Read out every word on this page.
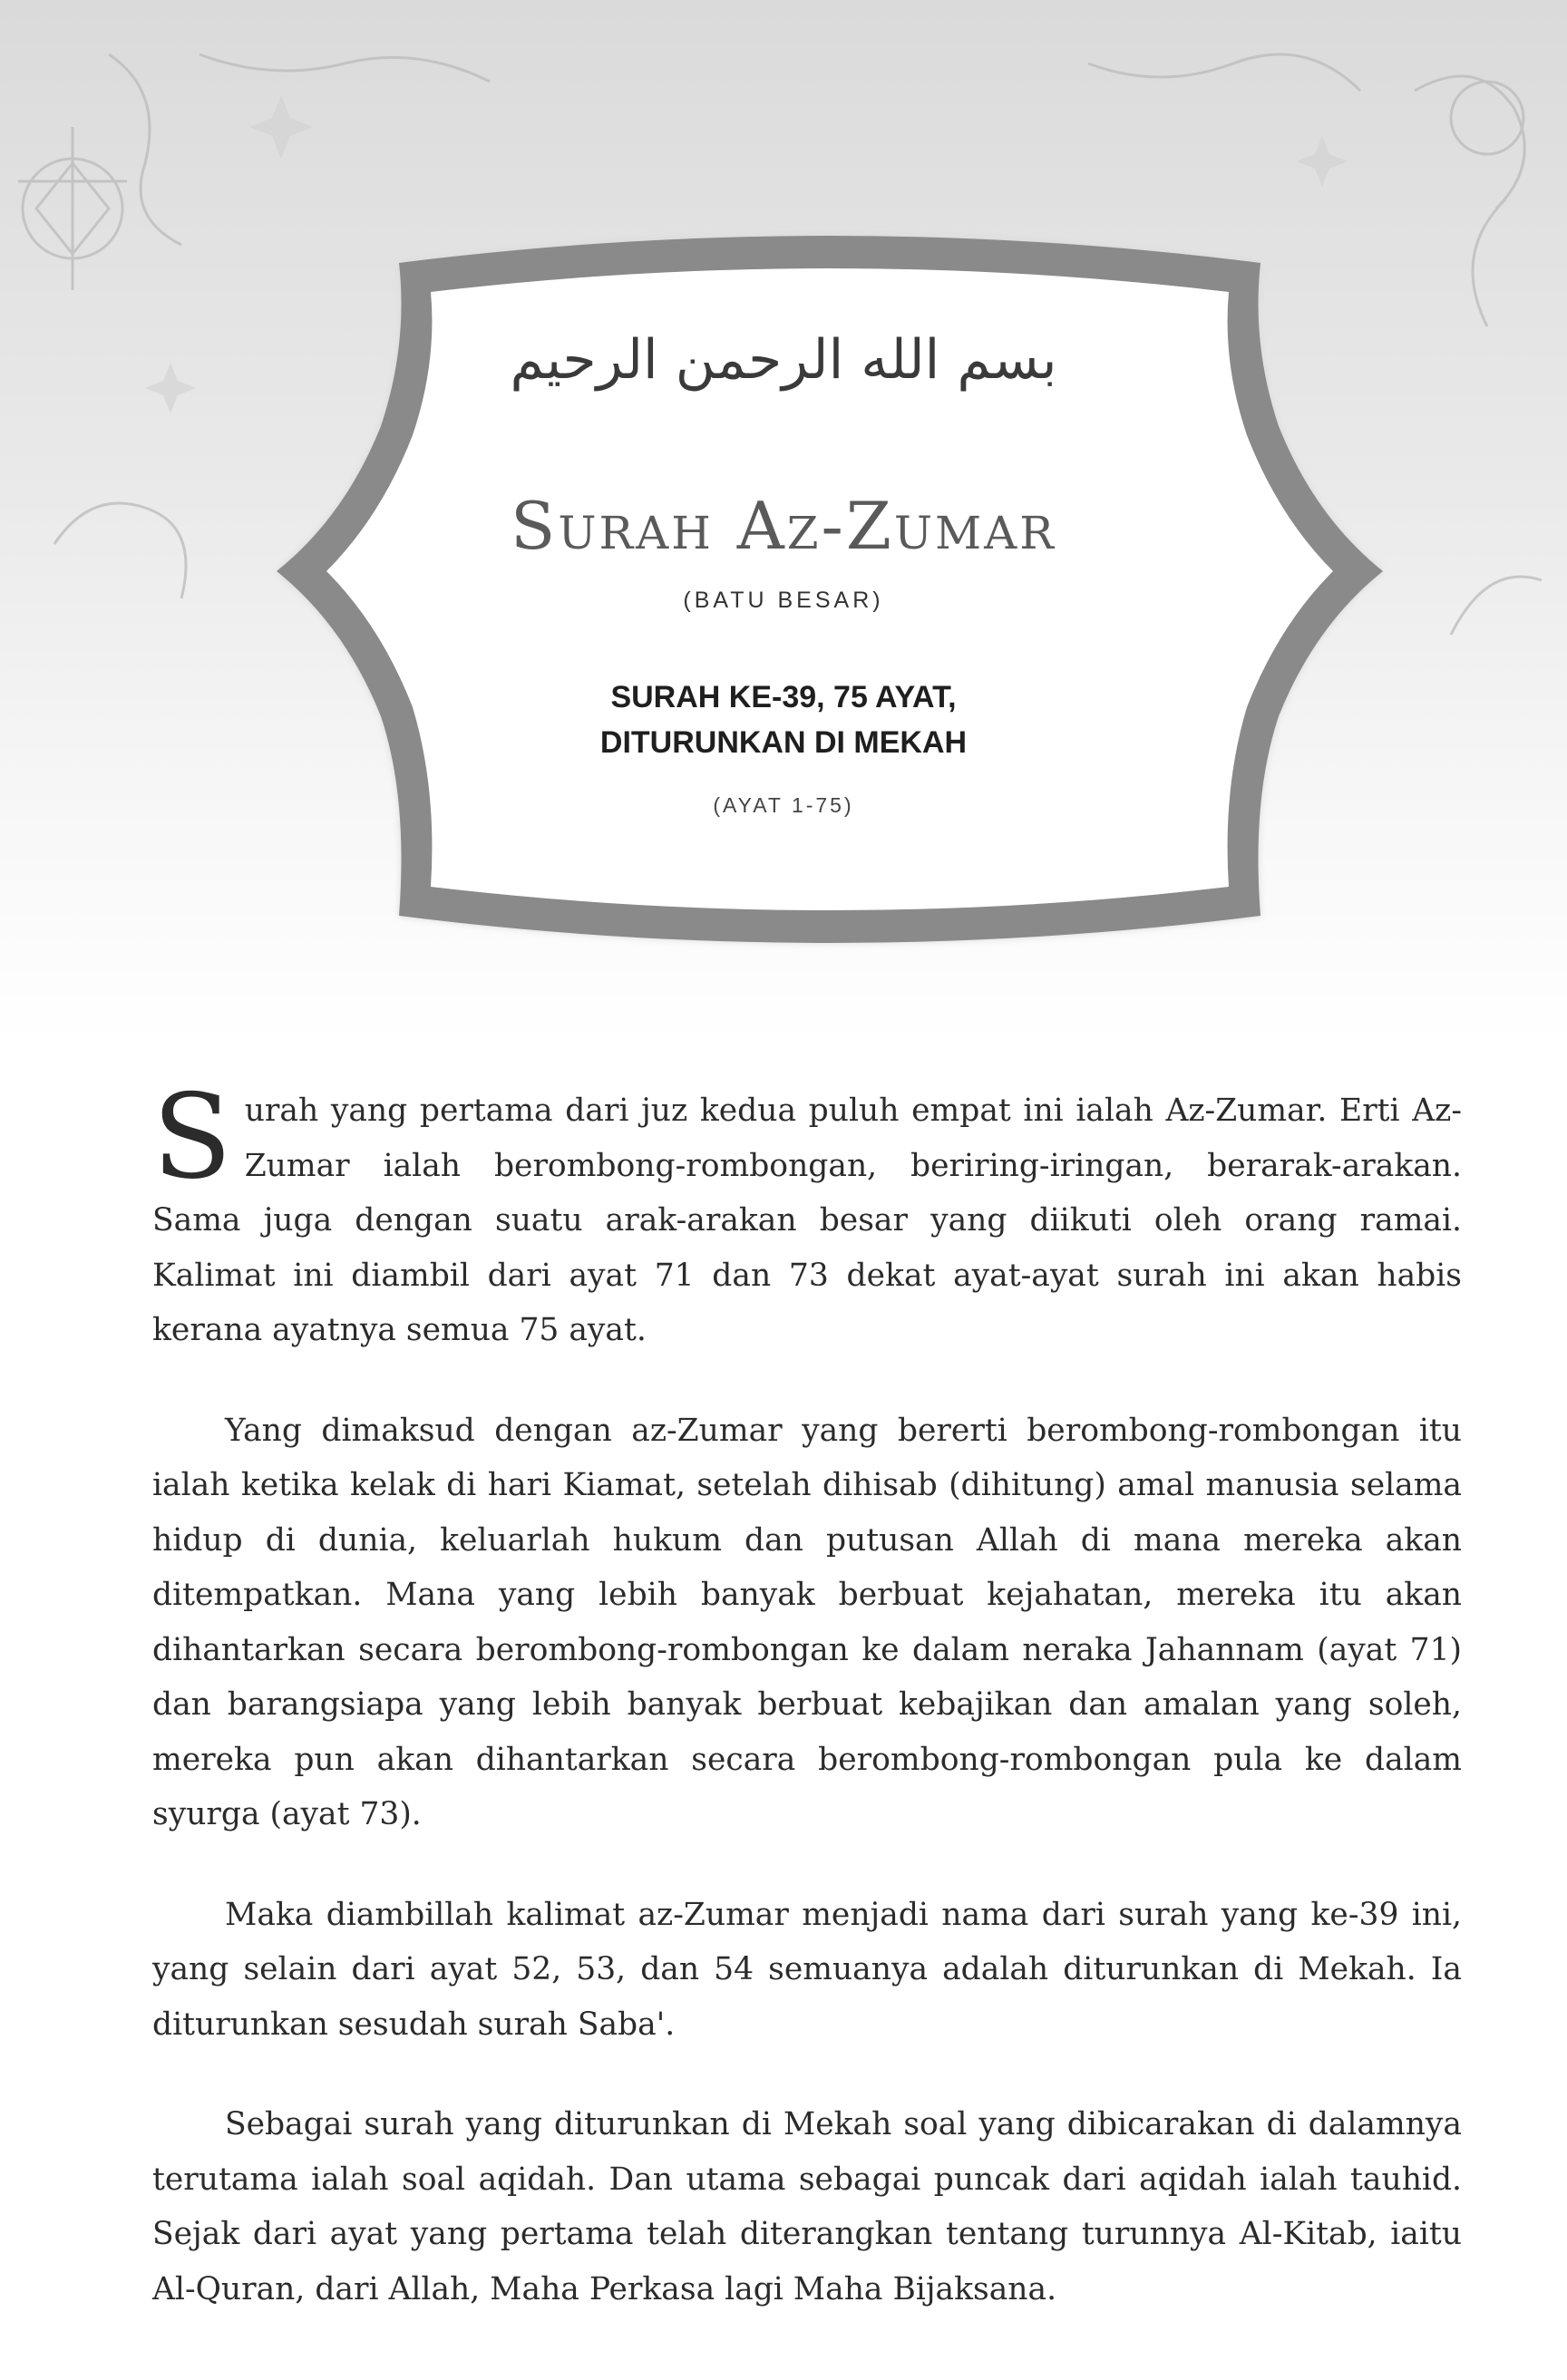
بسم الله الرحمن الرحيم
Surah Az-Zumar
(BATU BESAR)
SURAH KE-39, 75 AYAT,
DITURUNKAN DI MEKAH
(AYAT 1-75)

Surah yang pertama dari juz kedua puluh empat ini ialah Az-Zumar. Erti Az-Zumar ialah berombong-rombongan, beriring-iringan, berarak-arakan. Sama juga dengan suatu arak-arakan besar yang diikuti oleh orang ramai. Kalimat ini diambil dari ayat 71 dan 73 dekat ayat-ayat surah ini akan habis kerana ayatnya semua 75 ayat.

Yang dimaksud dengan az-Zumar yang bererti berombong-rombongan itu ialah ketika kelak di hari Kiamat, setelah dihisab (dihitung) amal manusia selama hidup di dunia, keluarlah hukum dan putusan Allah di mana mereka akan ditempatkan. Mana yang lebih banyak berbuat kejahatan, mereka itu akan dihantarkan secara berombong-rombongan ke dalam neraka Jahannam (ayat 71) dan barangsiapa yang lebih banyak berbuat kebajikan dan amalan yang soleh, mereka pun akan dihantarkan secara berombong-rombongan pula ke dalam syurga (ayat 73).

Maka diambillah kalimat az-Zumar menjadi nama dari surah yang ke-39 ini, yang selain dari ayat 52, 53, dan 54 semuanya adalah diturunkan di Mekah. Ia diturunkan sesudah surah Saba'.

Sebagai surah yang diturunkan di Mekah soal yang dibicarakan di dalamnya terutama ialah soal aqidah. Dan utama sebagai puncak dari aqidah ialah tauhid. Sejak dari ayat yang pertama telah diterangkan tentang turunnya Al-Kitab, iaitu Al-Quran, dari Allah, Maha Perkasa lagi Maha Bijaksana.
